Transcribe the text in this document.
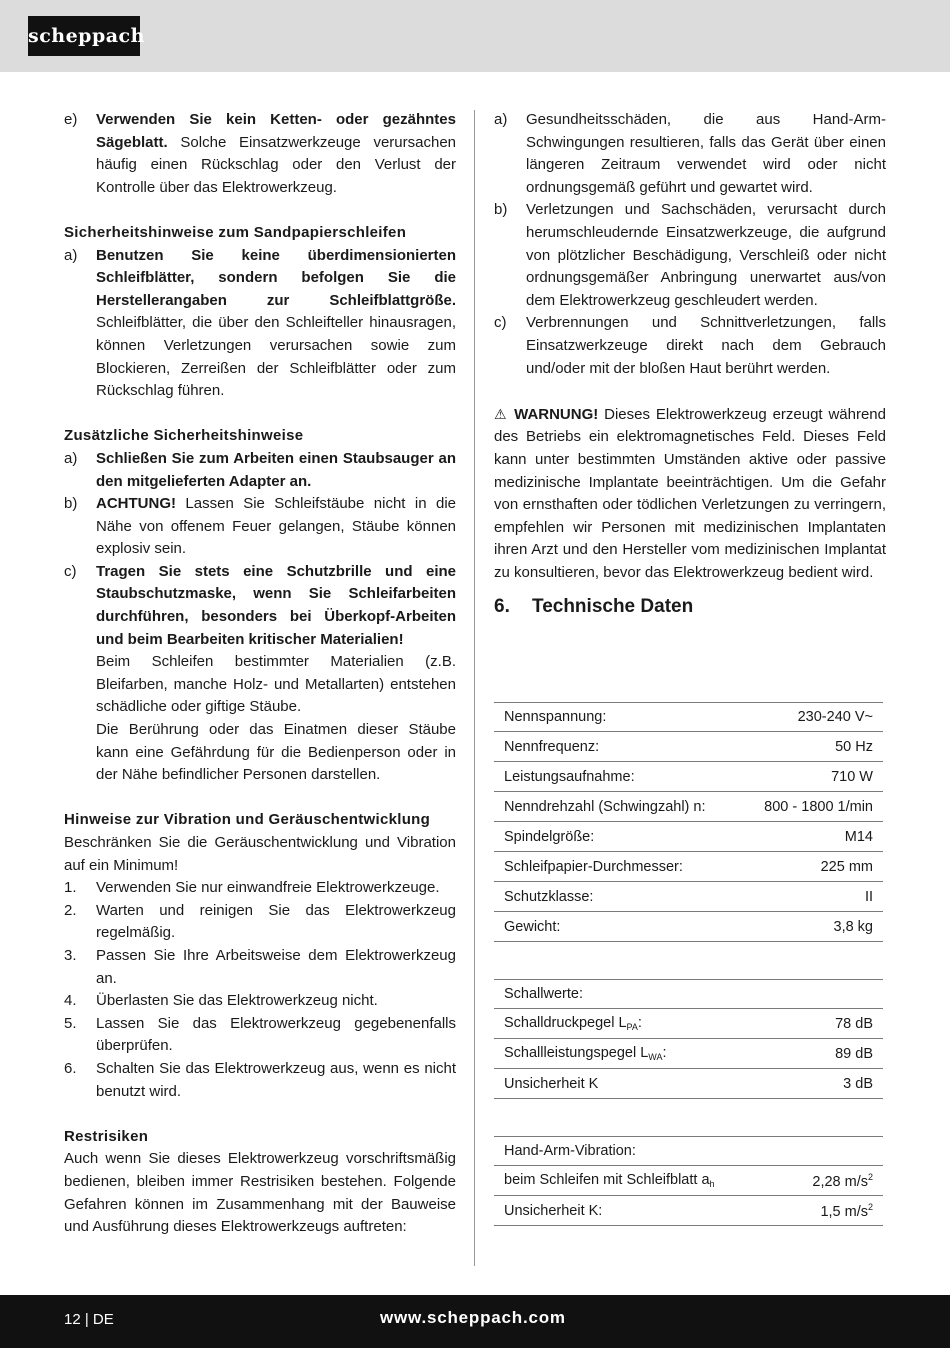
scheppach
e)	Verwenden Sie kein Ketten- oder gezähntes Sägeblatt. Solche Einsatzwerkzeuge verursachen häufig einen Rückschlag oder den Verlust der Kontrolle über das Elektrowerkzeug.
Sicherheitshinweise zum Sandpapierschleifen
a)	Benutzen Sie keine überdimensionierten Schleifblätter, sondern befolgen Sie die Herstellerangaben zur Schleifblattgröße. Schleifblätter, die über den Schleifteller hinausragen, können Verletzungen verursachen sowie zum Blockieren, Zerreißen der Schleifblätter oder zum Rückschlag führen.
Zusätzliche Sicherheitshinweise
a)	Schließen Sie zum Arbeiten einen Staubsauger an den mitgelieferten Adapter an.
b)	ACHTUNG! Lassen Sie Schleifstäube nicht in die Nähe von offenem Feuer gelangen, Stäube können explosiv sein.
c)	Tragen Sie stets eine Schutzbrille und eine Staubschutzmaske, wenn Sie Schleifarbeiten durchführen, besonders bei Überkopf-Arbeiten und beim Bearbeiten kritischer Materialien!
Beim Schleifen bestimmter Materialien (z.B. Bleifarben, manche Holz- und Metallarten) entstehen schädliche oder giftige Stäube.
Die Berührung oder das Einatmen dieser Stäube kann eine Gefährdung für die Bedienperson oder in der Nähe befindlicher Personen darstellen.
Hinweise zur Vibration und Geräuschentwicklung
Beschränken Sie die Geräuschentwicklung und Vibration auf ein Minimum!
1.	Verwenden Sie nur einwandfreie Elektrowerkzeuge.
2.	Warten und reinigen Sie das Elektrowerkzeug regelmäßig.
3.	Passen Sie Ihre Arbeitsweise dem Elektrowerkzeug an.
4.	Überlasten Sie das Elektrowerkzeug nicht.
5.	Lassen Sie das Elektrowerkzeug gegebenenfalls überprüfen.
6.	Schalten Sie das Elektrowerkzeug aus, wenn es nicht benutzt wird.
Restrisiken
Auch wenn Sie dieses Elektrowerkzeug vorschriftsmäßig bedienen, bleiben immer Restrisiken bestehen. Folgende Gefahren können im Zusammenhang mit der Bauweise und Ausführung dieses Elektrowerkzeugs auftreten:
a)	Gesundheitsschäden, die aus Hand-Arm-Schwingungen resultieren, falls das Gerät über einen längeren Zeitraum verwendet wird oder nicht ordnungsgemäß geführt und gewartet wird.
b)	Verletzungen und Sachschäden, verursacht durch herumschleudernde Einsatzwerkzeuge, die aufgrund von plötzlicher Beschädigung, Verschleiß oder nicht ordnungsgemäßer Anbringung unerwartet aus/von dem Elektrowerkzeug geschleudert werden.
c)	Verbrennungen und Schnittverletzungen, falls Einsatzwerkzeuge direkt nach dem Gebrauch und/oder mit der bloßen Haut berührt werden.
⚠ WARNUNG! Dieses Elektrowerkzeug erzeugt während des Betriebs ein elektromagnetisches Feld. Dieses Feld kann unter bestimmten Umständen aktive oder passive medizinische Implantate beeinträchtigen. Um die Gefahr von ernsthaften oder tödlichen Verletzungen zu verringern, empfehlen wir Personen mit medizinischen Implantaten ihren Arzt und den Hersteller vom medizinischen Implantat zu konsultieren, bevor das Elektrowerkzeug bedient wird.
6. Technische Daten
Nennspannung:	230-240 V~
Nennfrequenz:	50 Hz
Leistungsaufnahme:	710 W
Nenndrehzahl (Schwingzahl) n:	800 - 1800 1/min
Spindelgröße:	M14
Schleifpapier-Durchmesser:	225 mm
Schutzklasse:	II
Gewicht:	3,8 kg
Schallwerte:
Schalldruckpegel $L_{PA}$:	78 dB
Schallleistungspegel $L_{WA}$:	89 dB
Unsicherheit K	3 dB
Hand-Arm-Vibration:
beim Schleifen mit Schleifblatt $a_h$	2,28 $m/s^2$
Unsicherheit K:	1,5 $m/s^2$
12 | DE	www.scheppach.com
